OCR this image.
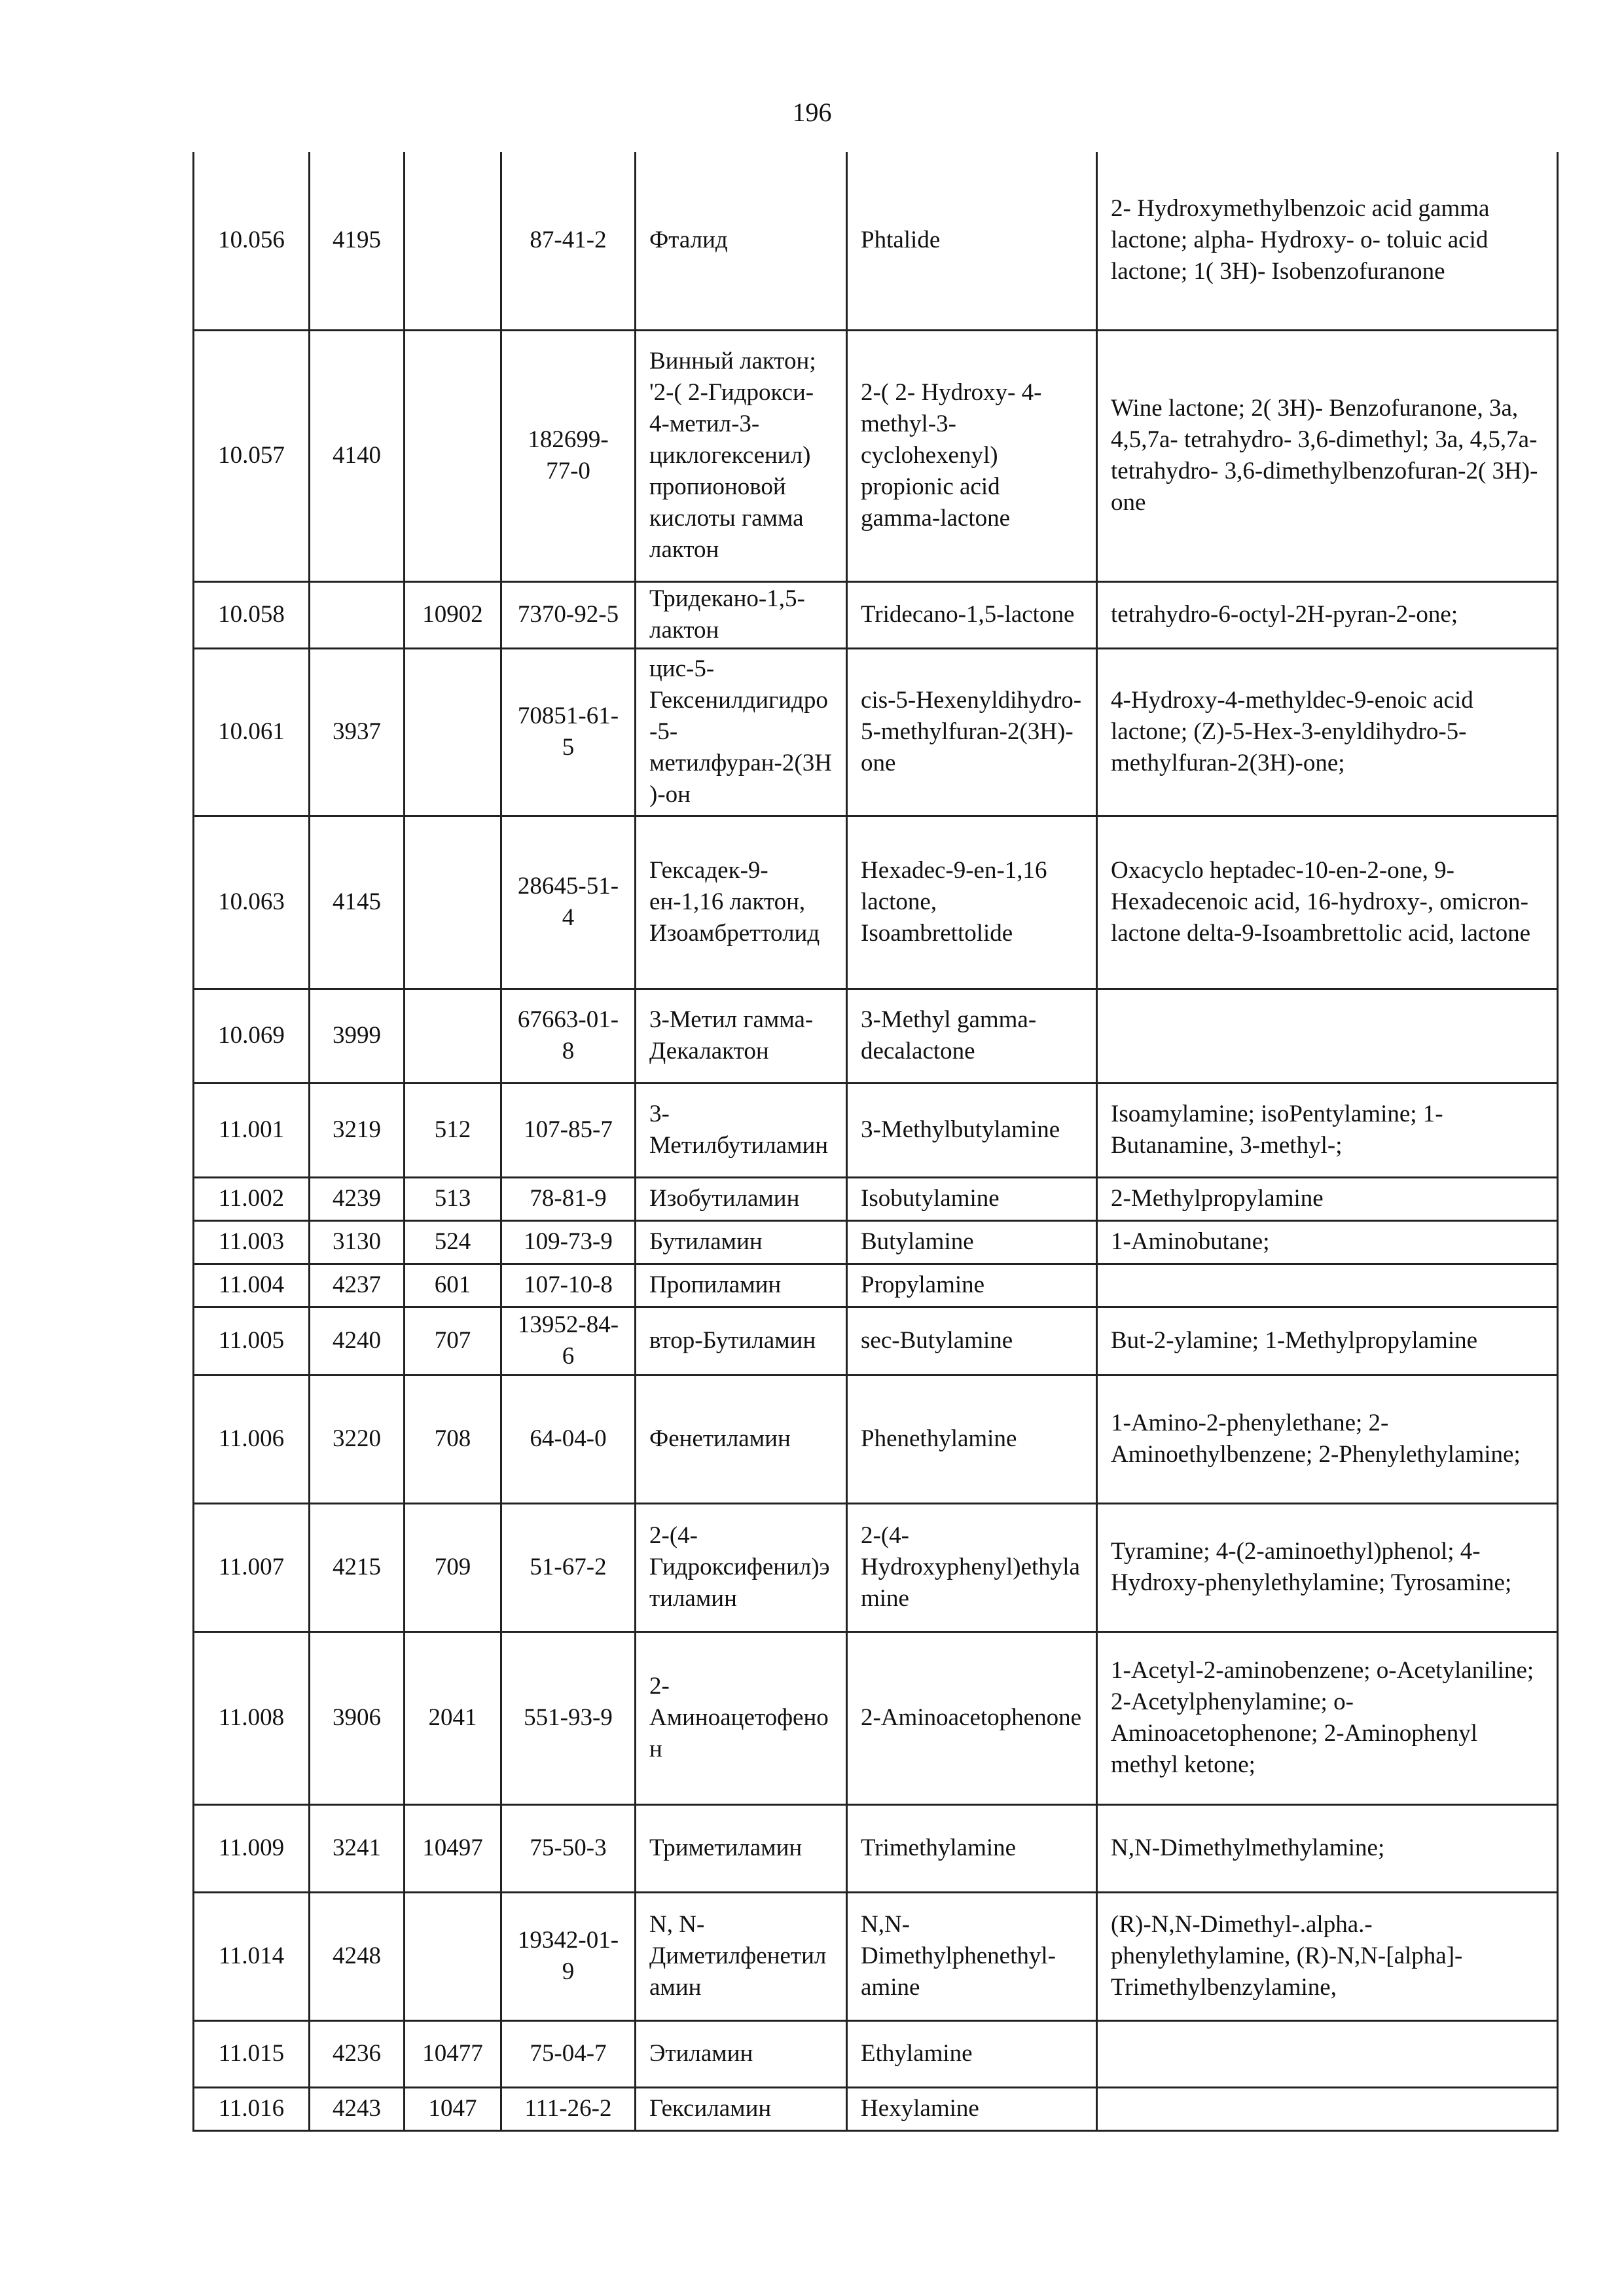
196
10.056	4195		87-41-2	Фталид	Phtalide	2- Hydroxymethylbenzoic acid gamma lactone; alpha- Hydroxy- o- toluic acid lactone; 1( 3H)- Isobenzofuranone
10.057	4140		182699-77-0	Винный лактон; '2-( 2-Гидрокси- 4-метил-3-циклогексенил) пропионовой кислоты гамма лактон	2-( 2- Hydroxy- 4-methyl-3-cyclohexenyl) propionic acid gamma-lactone	Wine lactone; 2( 3H)- Benzofuranone, 3a, 4,5,7a- tetrahydro- 3,6-dimethyl; 3a, 4,5,7a- tetrahydro- 3,6-dimethylbenzofuran-2( 3H)- one
10.058		10902	7370-92-5	Тридекано-1,5-лактон	Tridecano-1,5-lactone	tetrahydro-6-octyl-2H-pyran-2-one;
10.061	3937		70851-61-5	цис-5-Гексенилдигидро-5-метилфуран-2(3Н)-он	cis-5-Hexenyldihydro-5-methylfuran-2(3H)-one	4-Hydroxy-4-methyldec-9-enoic acid lactone; (Z)-5-Hex-3-enyldihydro-5-methylfuran-2(3H)-one;
10.063	4145		28645-51-4	Гексадек-9-ен-1,16 лактон, Изоамбреттолид	Hexadec-9-en-1,16 lactone, Isoambrettolide	Oxacyclo heptadec-10-en-2-one, 9-Hexadecenoic acid, 16-hydroxy-, omicron-lactone delta-9-Isoambrettolic acid, lactone
10.069	3999		67663-01-8	3-Метил гамма-Декалактон	3-Methyl gamma-decalactone	
11.001	3219	512	107-85-7	3-Метилбутиламин	3-Methylbutylamine	Isoamylamine; isoPentylamine; 1-Butanamine, 3-methyl-;
11.002	4239	513	78-81-9	Изобутиламин	Isobutylamine	2-Methylpropylamine
11.003	3130	524	109-73-9	Бутиламин	Butylamine	1-Aminobutane;
11.004	4237	601	107-10-8	Пропиламин	Propylamine	
11.005	4240	707	13952-84-6	втор-Бутиламин	sec-Butylamine	But-2-ylamine; 1-Methylpropylamine
11.006	3220	708	64-04-0	Фенетиламин	Phenethylamine	1-Amino-2-phenylethane; 2-Aminoethylbenzene; 2-Phenylethylamine;
11.007	4215	709	51-67-2	2-(4-Гидроксифенил)этиламин	2-(4-Hydroxyphenyl)ethylamine	Tyramine; 4-(2-aminoethyl)phenol; 4-Hydroxy-phenylethylamine; Tyrosamine;
11.008	3906	2041	551-93-9	2-Аминоацетофенон	2-Aminoacetophenone	1-Acetyl-2-aminobenzene; o-Acetylaniline; 2-Acetylphenylamine; o-Aminoacetophenone; 2-Aminophenyl methyl ketone;
11.009	3241	10497	75-50-3	Триметиламин	Trimethylamine	N,N-Dimethylmethylamine;
11.014	4248		19342-01-9	N, N-Диметилфенетиламин	N,N-Dimethylphenethyl-amine	(R)-N,N-Dimethyl-.alpha.-phenylethylamine, (R)-N,N-[alpha]-Trimethylbenzylamine,
11.015	4236	10477	75-04-7	Этиламин	Ethylamine	
11.016	4243	1047	111-26-2	Гексиламин	Hexylamine	
